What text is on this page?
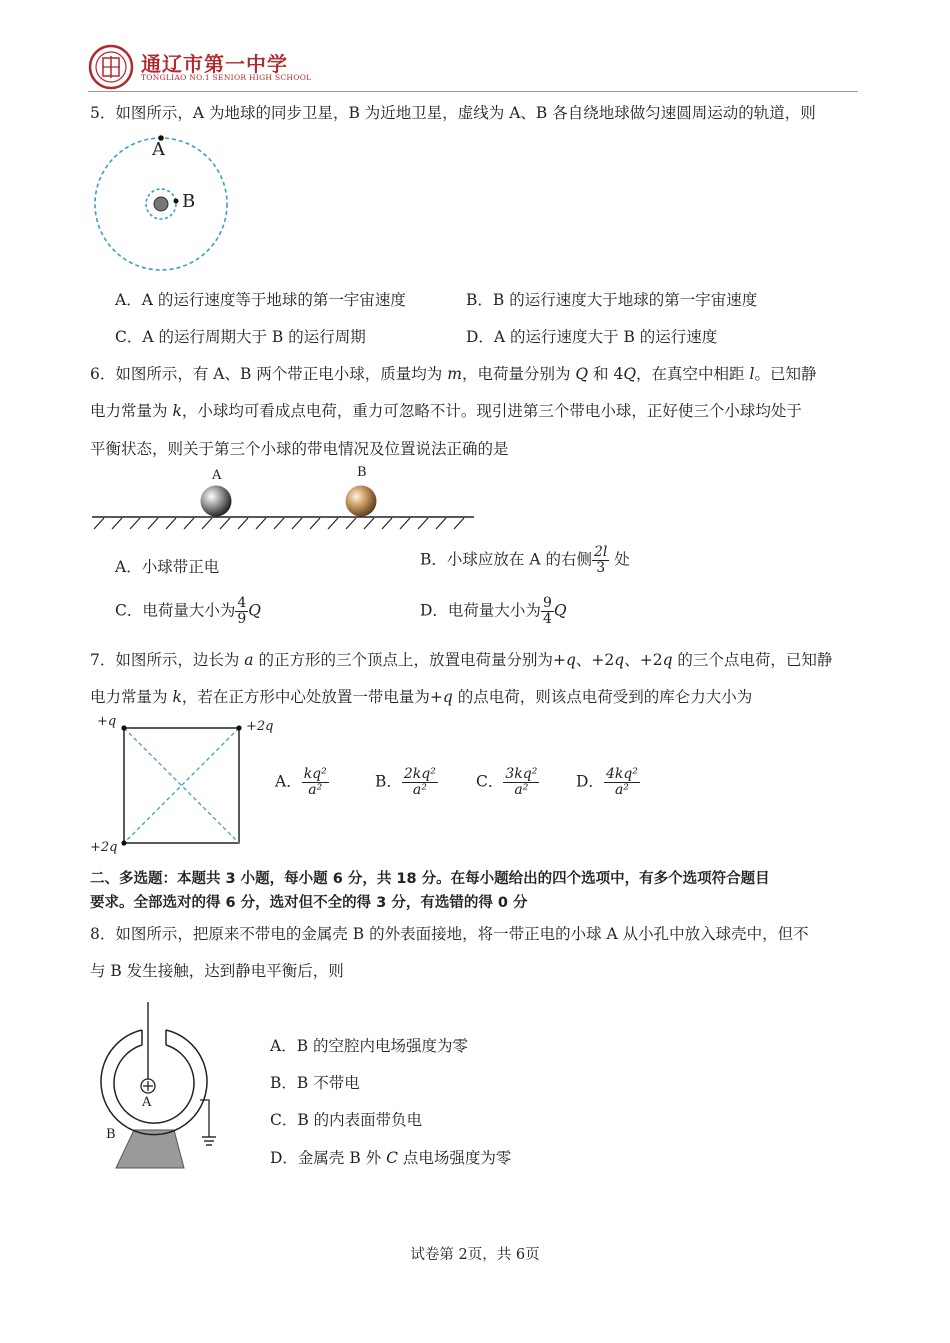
通辽市第一中学
TONGLIAO NO.1 SENIOR HIGH SCHOOL
5．如图所示，A 为地球的同步卫星，B 为近地卫星，虚线为 A、B 各自绕地球做匀速圆周运动的轨道，则
A
B
A．A 的运行速度等于地球的第一宇宙速度	B．B 的运行速度大于地球的第一宇宙速度
C．A 的运行周期大于 B 的运行周期	D．A 的运行速度大于 B 的运行速度
6．如图所示，有 A、B 两个带正电小球，质量均为 m，电荷量分别为 Q 和 4Q，在真空中相距 l。已知静
电力常量为 k，小球均可看成点电荷，重力可忽略不计。现引进第三个带电小球，正好使三个小球均处于
平衡状态，则关于第三个小球的带电情况及位置说法正确的是
A	B
A．小球带正电	B．小球应放在 A 的右侧 $\frac{2l}{3}$ 处
C．电荷量大小为 $\frac{4}{9}$ Q	D．电荷量大小为 $\frac{9}{4}$ Q
7．如图所示，边长为 a 的正方形的三个顶点上，放置电荷量分别为+q、+2q、+2q 的三个点电荷，已知静
电力常量为 k，若在正方形中心处放置一带电量为+q 的点电荷，则该点电荷受到的库仑力大小为
+q	+2q
+2q
A． $\frac{\text{kq²}}{\text{a²}}$	B． $\frac{\text{2kq²}}{\text{a²}}$ C． $\frac{\text{3kq²}}{\text{a²}}$ D． $\frac{\text{4kq²}}{\text{a²}}$
二、多选题：本题共 3 小题，每小题 6 分，共 18 分。在每小题给出的四个选项中，有多个选项符合题目
要求。全部选对的得 6 分，选对但不全的得 3 分，有选错的得 0 分
8．如图所示，把原来不带电的金属壳 B 的外表面接地，将一带正电的小球 A 从小孔中放入球壳中，但不
与 B 发生接触，达到静电平衡后，则
A
B
A．B 的空腔内电场强度为零
B．B 不带电
C．B 的内表面带负电
D．金属壳 B 外 C 点电场强度为零
试卷第 2页，共 6页
